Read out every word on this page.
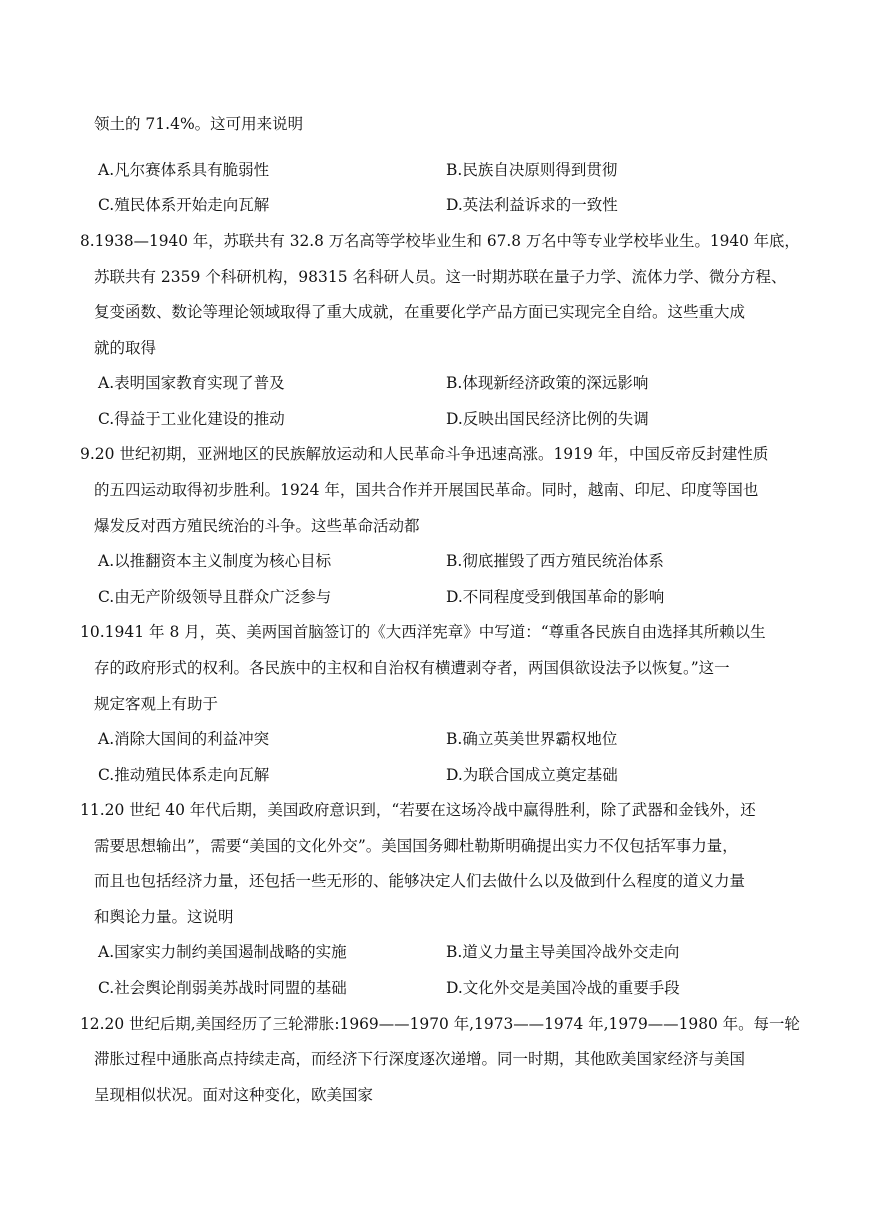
领土的 71.4%。这可用来说明
A.凡尔赛体系具有脆弱性	B.民族自决原则得到贯彻
C.殖民体系开始走向瓦解	D.英法利益诉求的一致性
8.1938—1940 年，苏联共有 32.8 万名高等学校毕业生和 67.8 万名中等专业学校毕业生。1940 年底，
苏联共有 2359 个科研机构，98315 名科研人员。这一时期苏联在量子力学、流体力学、微分方程、
复变函数、数论等理论领域取得了重大成就，在重要化学产品方面已实现完全自给。这些重大成
就的取得
A.表明国家教育实现了普及	B.体现新经济政策的深远影响
C.得益于工业化建设的推动	D.反映出国民经济比例的失调
9.20 世纪初期，亚洲地区的民族解放运动和人民革命斗争迅速高涨。1919 年，中国反帝反封建性质
的五四运动取得初步胜利。1924 年，国共合作并开展国民革命。同时，越南、印尼、印度等国也
爆发反对西方殖民统治的斗争。这些革命活动都
A.以推翻资本主义制度为核心目标	B.彻底摧毁了西方殖民统治体系
C.由无产阶级领导且群众广泛参与	D.不同程度受到俄国革命的影响
10.1941 年 8 月，英、美两国首脑签订的《大西洋宪章》中写道：“尊重各民族自由选择其所赖以生
存的政府形式的权利。各民族中的主权和自治权有横遭剥夺者，两国俱欲设法予以恢复。”这一
规定客观上有助于
A.消除大国间的利益冲突	B.确立英美世界霸权地位
C.推动殖民体系走向瓦解	D.为联合国成立奠定基础
11.20 世纪 40 年代后期，美国政府意识到，“若要在这场冷战中赢得胜利，除了武器和金钱外，还
需要思想输出”，需要“美国的文化外交”。美国国务卿杜勒斯明确提出实力不仅包括军事力量，
而且也包括经济力量，还包括一些无形的、能够决定人们去做什么以及做到什么程度的道义力量
和舆论力量。这说明
A.国家实力制约美国遏制战略的实施	B.道义力量主导美国冷战外交走向
C.社会舆论削弱美苏战时同盟的基础	D.文化外交是美国冷战的重要手段
12.20 世纪后期,美国经历了三轮滞胀:1969——1970 年,1973——1974 年,1979——1980 年。每一轮
滞胀过程中通胀高点持续走高，而经济下行深度逐次递增。同一时期，其他欧美国家经济与美国
呈现相似状况。面对这种变化，欧美国家
